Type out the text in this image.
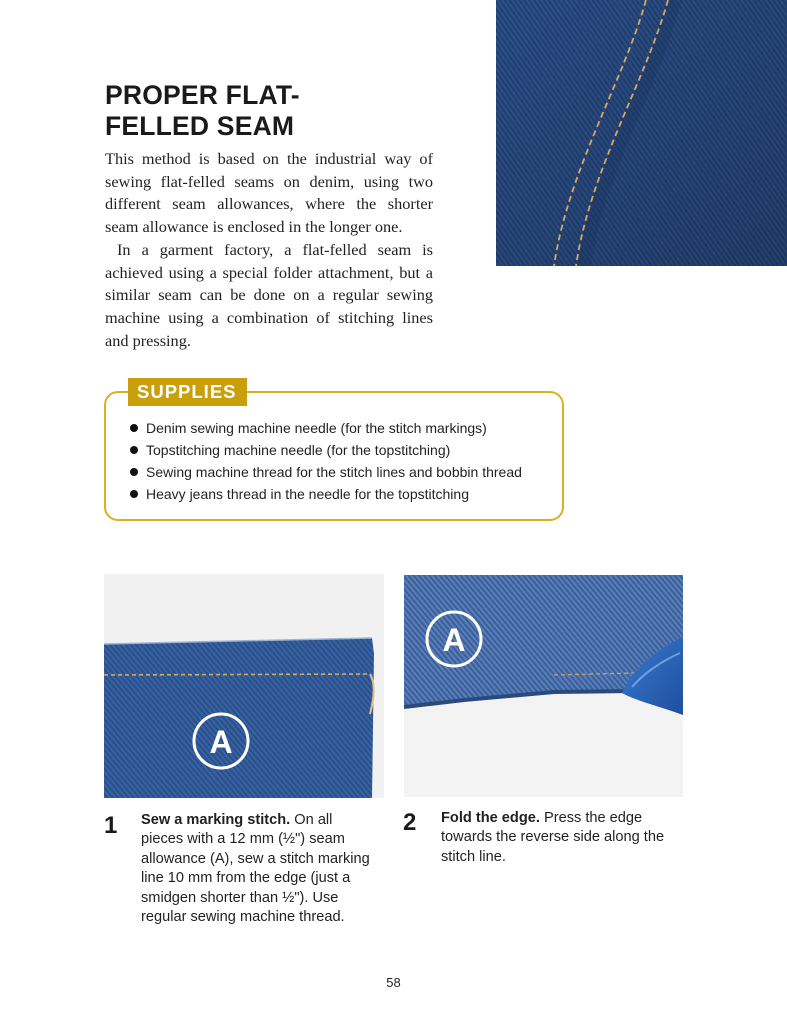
PROPER FLAT-
FELLED SEAM

This method is based on the industrial way of sewing flat-felled seams on denim, using two different seam allowances, where the shorter seam allowance is enclosed in the longer one.

In a garment factory, a flat-felled seam is achieved using a special folder attachment, but a similar seam can be done on a regular sewing machine using a combination of stitching lines and pressing.

SUPPLIES
Denim sewing machine needle (for the stitch markings)
Topstitching machine needle (for the topstitching)
Sewing machine thread for the stitch lines and bobbin thread
Heavy jeans thread in the needle for the topstitching
A
A
1 Sew a marking stitch. On all pieces with a 12 mm (½") seam allowance (A), sew a stitch marking line 10 mm from the edge (just a smidgen shorter than ½"). Use regular sewing machine thread.
2 Fold the edge. Press the edge towards the reverse side along the stitch line.
58
